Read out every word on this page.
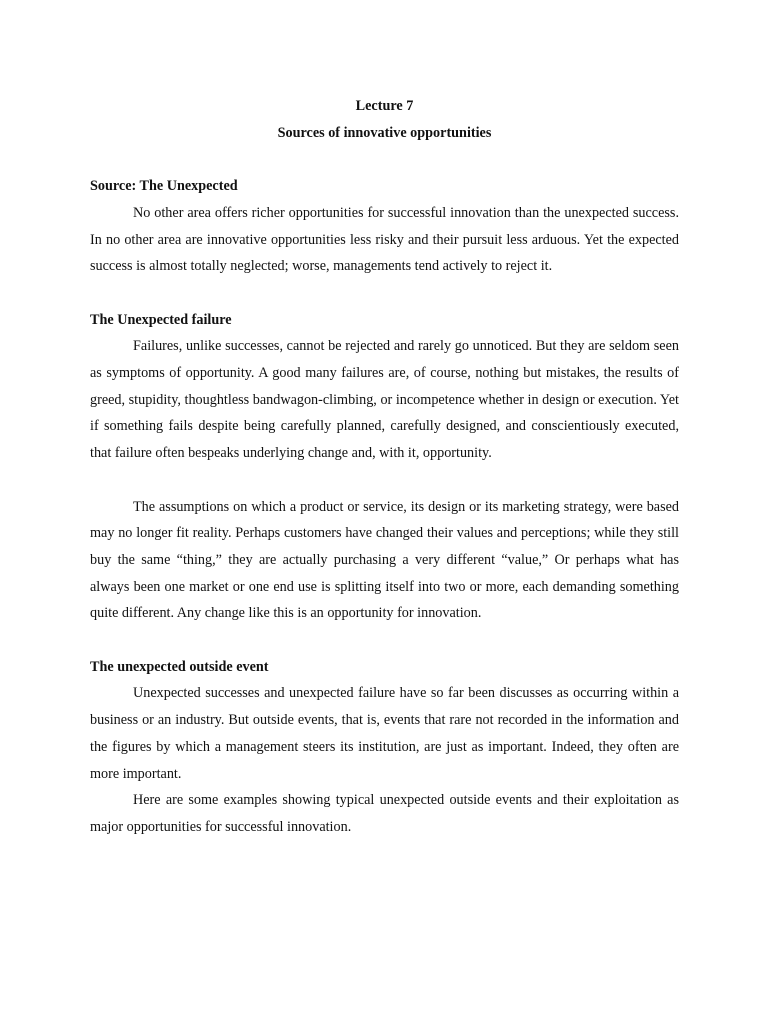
Lecture 7

Sources of innovative opportunities

Source: The Unexpected

No other area offers richer opportunities for successful innovation than the unexpected success. In no other area are innovative opportunities less risky and their pursuit less arduous. Yet the expected success is almost totally neglected; worse, managements tend actively to reject it.

The Unexpected failure

Failures, unlike successes, cannot be rejected and rarely go unnoticed. But they are seldom seen as symptoms of opportunity. A good many failures are, of course, nothing but mistakes, the results of greed, stupidity, thoughtless bandwagon-climbing, or incompetence whether in design or execution. Yet if something fails despite being carefully planned, carefully designed, and conscientiously executed, that failure often bespeaks underlying change and, with it, opportunity.

The assumptions on which a product or service, its design or its marketing strategy, were based may no longer fit reality. Perhaps customers have changed their values and perceptions; while they still buy the same “thing,” they are actually purchasing a very different “value,” Or perhaps what has always been one market or one end use is splitting itself into two or more, each demanding something quite different. Any change like this is an opportunity for innovation.

The unexpected outside event

Unexpected successes and unexpected failure have so far been discusses as occurring within a business or an industry. But outside events, that is, events that rare not recorded in the information and the figures by which a management steers its institution, are just as important. Indeed, they often are more important.

Here are some examples showing typical unexpected outside events and their exploitation as major opportunities for successful innovation.
